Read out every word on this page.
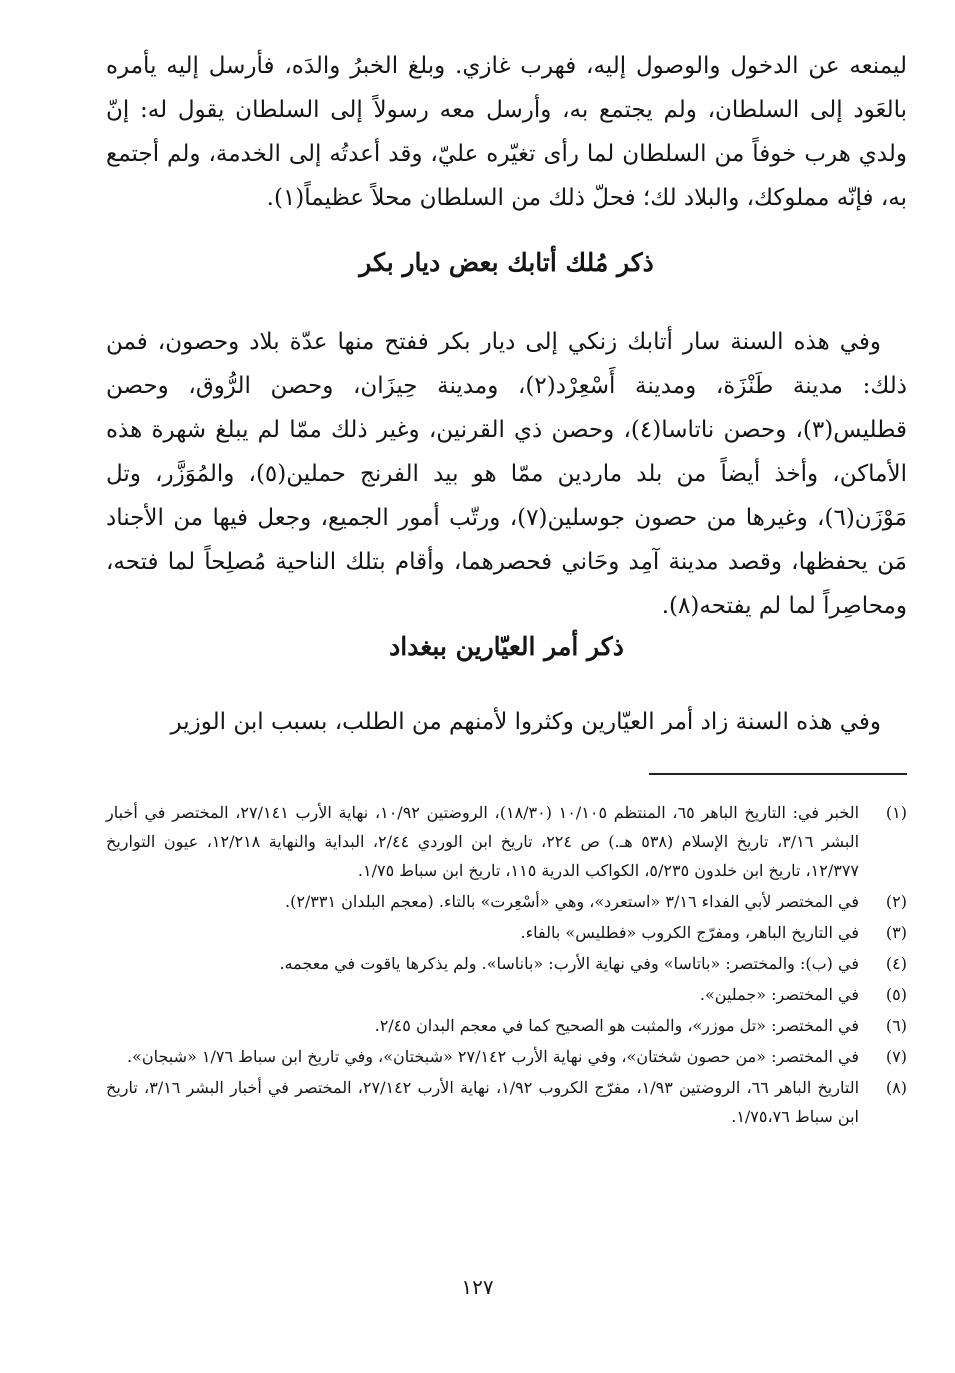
ليمنعه عن الدخول والوصول إليه، فهرب غازي. وبلغ الخبرُ والدَه، فأرسل إليه يأمره بالعَود إلى السلطان، ولم يجتمع به، وأرسل معه رسولاً إلى السلطان يقول له: إنّ ولدي هرب خوفاً من السلطان لما رأى تغيّره عليّ، وقد أعدتُه إلى الخدمة، ولم أجتمع به، فإنّه مملوكك، والبلاد لك؛ فحلّ ذلك من السلطان محلاً عظيماً(١).

ذكر مُلك أتابك بعض ديار بكر

وفي هذه السنة سار أتابك زنكي إلى ديار بكر ففتح منها عدّة بلاد وحصون، فمن ذلك: مدينة طَنْزَة، ومدينة أَسْعِرْد(٢)، ومدينة حِيزَان، وحصن الرُّوق، وحصن قطليس(٣)، وحصن ناتاسا(٤)، وحصن ذي القرنين، وغير ذلك ممّا لم يبلغ شهرة هذه الأماكن، وأخذ أيضاً من بلد ماردين ممّا هو بيد الفرنج حملين(٥)، والمُوَزَّر، وتل مَوْزَن(٦)، وغيرها من حصون جوسلين(٧)، ورتّب أمور الجميع، وجعل فيها من الأجناد مَن يحفظها، وقصد مدينة آمِد وحَاني فحصرهما، وأقام بتلك الناحية مُصلِحاً لما فتحه، ومحاصِراً لما لم يفتحه(٨).

ذكر أمر العيّارين ببغداد

وفي هذه السنة زاد أمر العيّارين وكثروا لأمنهم من الطلب، بسبب ابن الوزير

(١)
الخبر في: التاريخ الباهر ٦٥، المنتظم ١٠/١٠٥ (١٨/٣٠)، الروضتين ١٠/٩٢، نهاية الأرب ٢٧/١٤١، المختصر في أخبار البشر ٣/١٦، تاريخ الإسلام (٥٣٨ هـ.) ص ٢٢٤، تاريخ ابن الوردي ٢/٤٤، البداية والنهاية ١٢/٢١٨، عيون التواريخ ١٢/٣٧٧، تاريخ ابن خلدون ٥/٢٣٥، الكواكب الدرية ١١٥، تاريخ ابن سباط ١/٧٥.
(٢)
في المختصر لأبي الفداء ٣/١٦ «استعرد»، وهي «أسْعِرت» بالتاء. (معجم البلدان ٢/٣٣١).
(٣)
في التاريخ الباهر، ومفرّج الكروب «فطليس» بالفاء.
(٤)
في (ب): والمختصر: «باتاسا» وفي نهاية الأرب: «باناسا». ولم يذكرها ياقوت في معجمه.
(٥)
في المختصر: «جملين».
(٦)
في المختصر: «تل موزر»، والمثبت هو الصحيح كما في معجم البدان ٢/٤٥.
(٧)
في المختصر: «من حصون شختان»، وفي نهاية الأرب ٢٧/١٤٢ «شبختان»، وفي تاريخ ابن سباط ١/٧٦ «شبجان».
(٨)
التاريخ الباهر ٦٦، الروضتين ١/٩٣، مفرّج الكروب ١/٩٢، نهاية الأرب ٢٧/١٤٢، المختصر في أخبار البشر ٣/١٦، تاريخ ابن سباط ١/٧٥،٧٦.
١٢٧
